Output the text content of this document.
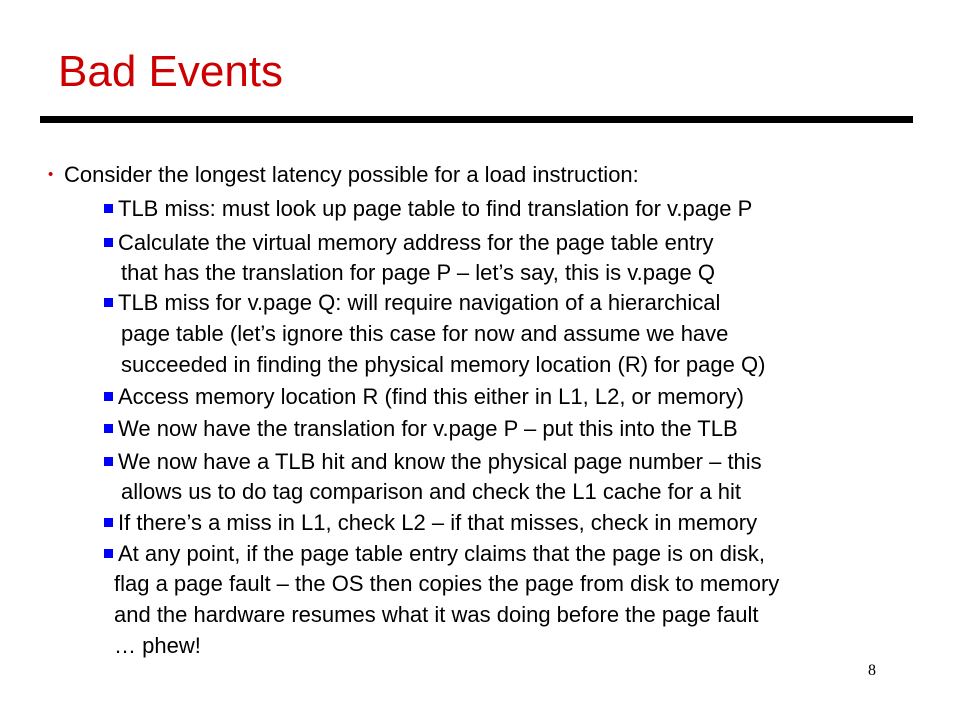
Bad Events
• Consider the longest latency possible for a load instruction:
TLB miss: must look up page table to find translation for v.page P
Calculate the virtual memory address for the page table entry
that has the translation for page P – let’s say, this is v.page Q
TLB miss for v.page Q: will require navigation of a hierarchical
page table (let’s ignore this case for now and assume we have
succeeded in finding the physical memory location (R) for page Q)
Access memory location R (find this either in L1, L2, or memory)
We now have the translation for v.page P – put this into the TLB
We now have a TLB hit and know the physical page number – this
allows us to do tag comparison and check the L1 cache for a hit
If there’s a miss in L1, check L2 – if that misses, check in memory
At any point, if the page table entry claims that the page is on disk,
flag a page fault – the OS then copies the page from disk to memory
and the hardware resumes what it was doing before the page fault
… phew!
8
